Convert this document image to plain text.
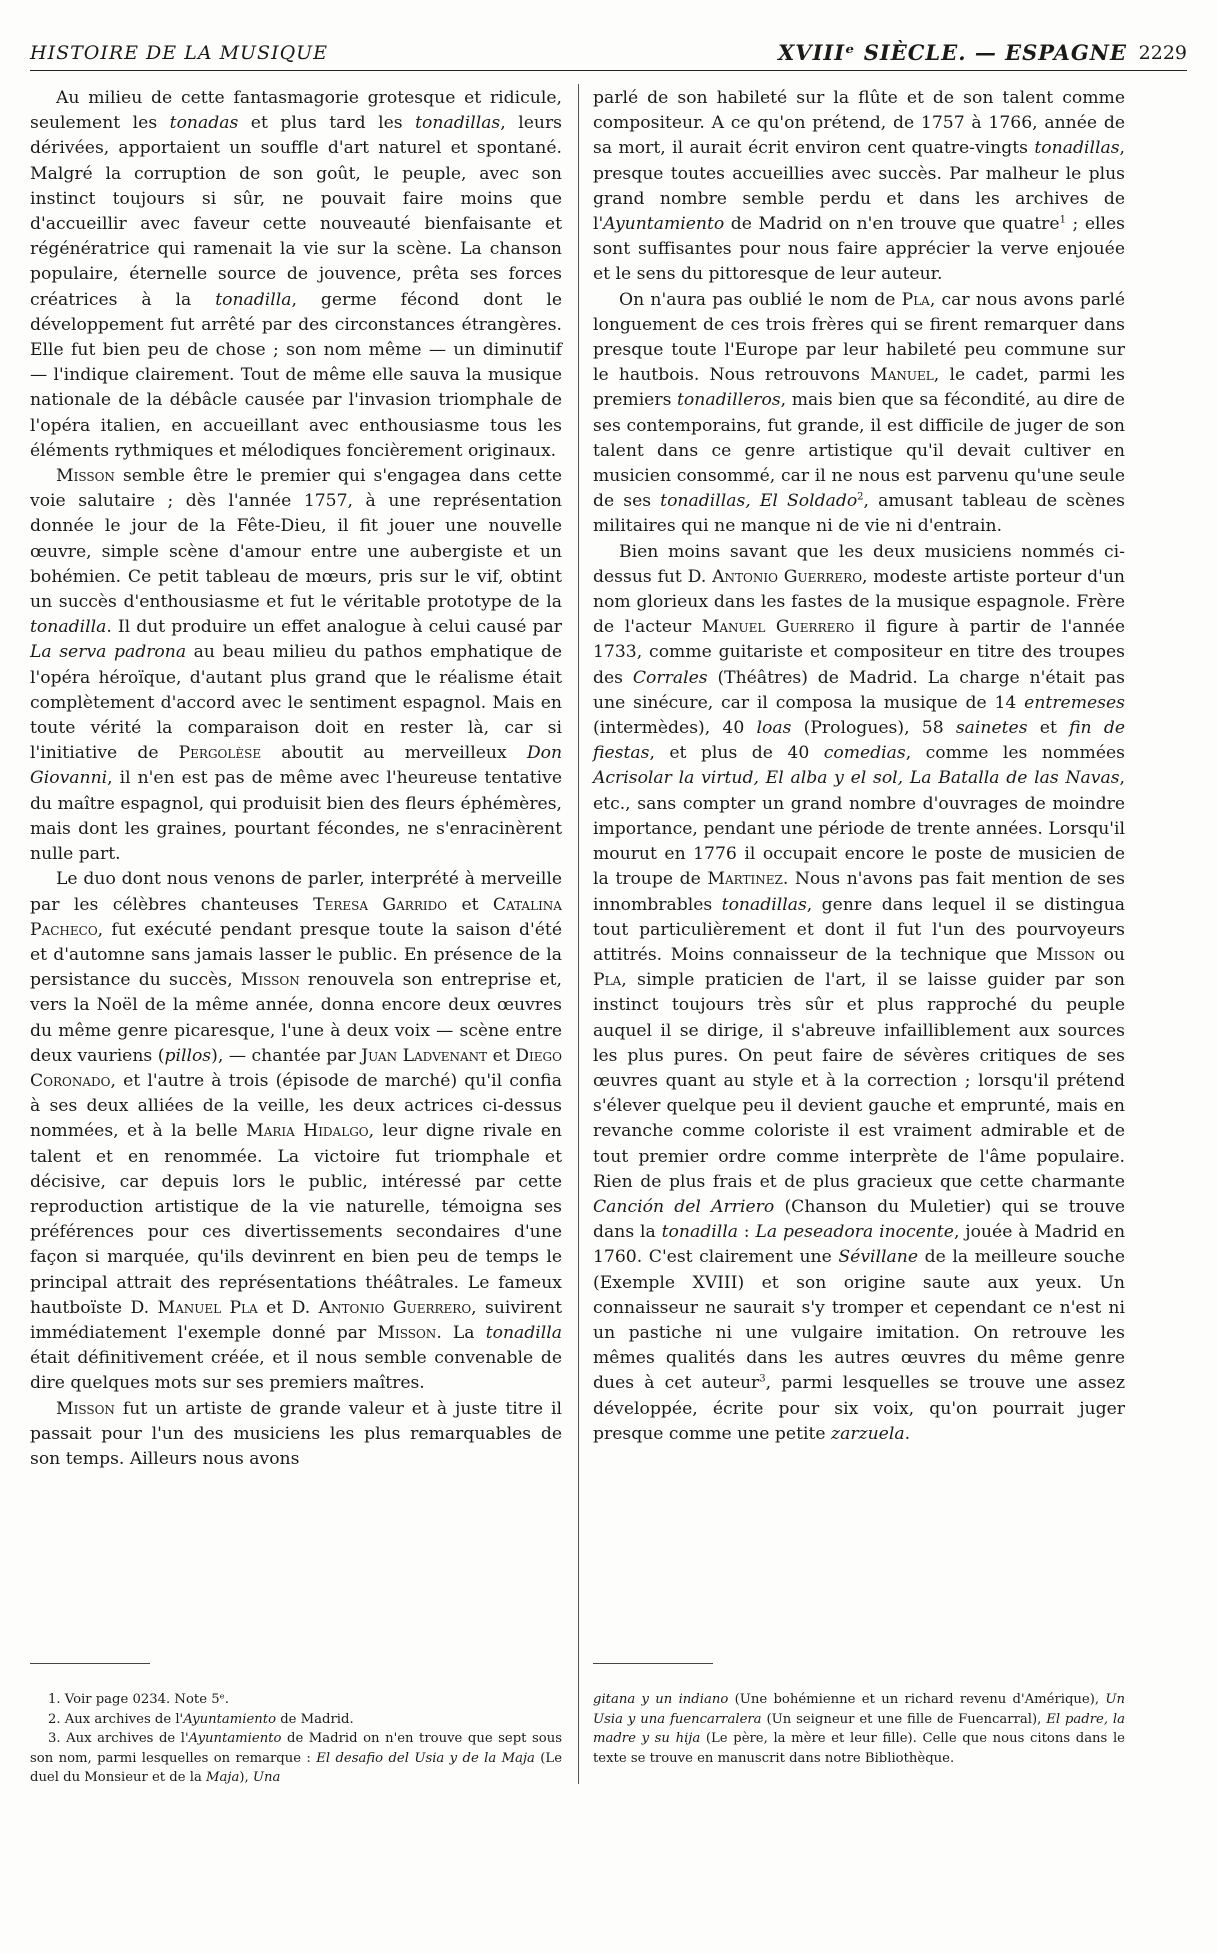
HISTOIRE DE LA MUSIQUE	XVIIIᵉ SIÈCLE. — ESPAGNE 2229

Au milieu de cette fantasmagorie grotesque et ridicule, seulement les tonadas et plus tard les tonadillas, leurs dérivées, apportaient un souffle d'art naturel et spontané. Malgré la corruption de son goût, le peuple, avec son instinct toujours si sûr, ne pouvait faire moins que d'accueillir avec faveur cette nouveauté bienfaisante et régénératrice qui ramenait la vie sur la scène. La chanson populaire, éternelle source de jouvence, prêta ses forces créatrices à la tonadilla, germe fécond dont le développement fut arrêté par des circonstances étrangères. Elle fut bien peu de chose ; son nom même — un diminutif — l'indique clairement. Tout de même elle sauva la musique nationale de la débâcle causée par l'invasion triomphale de l'opéra italien, en accueillant avec enthousiasme tous les éléments rythmiques et mélodiques foncièrement originaux.

Misson semble être le premier qui s'engagea dans cette voie salutaire ; dès l'année 1757, à une représentation donnée le jour de la Fête-Dieu, il fit jouer une nouvelle œuvre, simple scène d'amour entre une aubergiste et un bohémien. Ce petit tableau de mœurs, pris sur le vif, obtint un succès d'enthousiasme et fut le véritable prototype de la tonadilla. Il dut produire un effet analogue à celui causé par La serva padrona au beau milieu du pathos emphatique de l'opéra héroïque, d'autant plus grand que le réalisme était complètement d'accord avec le sentiment espagnol. Mais en toute vérité la comparaison doit en rester là, car si l'initiative de Pergolèse aboutit au merveilleux Don Giovanni, il n'en est pas de même avec l'heureuse tentative du maître espagnol, qui produisit bien des fleurs éphémères, mais dont les graines, pourtant fécondes, ne s'enracinèrent nulle part.

Le duo dont nous venons de parler, interprété à merveille par les célèbres chanteuses Teresa Garrido et Catalina Pacheco, fut exécuté pendant presque toute la saison d'été et d'automne sans jamais lasser le public. En présence de la persistance du succès, Misson renouvela son entreprise et, vers la Noël de la même année, donna encore deux œuvres du même genre picaresque, l'une à deux voix — scène entre deux vauriens (pillos), — chantée par Juan Ladvenant et Diego Coronado, et l'autre à trois (épisode de marché) qu'il confia à ses deux alliées de la veille, les deux actrices ci-dessus nommées, et à la belle Maria Hidalgo, leur digne rivale en talent et en renommée. La victoire fut triomphale et décisive, car depuis lors le public, intéressé par cette reproduction artistique de la vie naturelle, témoigna ses préférences pour ces divertissements secondaires d'une façon si marquée, qu'ils devinrent en bien peu de temps le principal attrait des représentations théâtrales. Le fameux hautboïste D. Manuel Pla et D. Antonio Guerrero, suivirent immédiatement l'exemple donné par Misson. La tonadilla était définitivement créée, et il nous semble convenable de dire quelques mots sur ses premiers maîtres.

Misson fut un artiste de grande valeur et à juste titre il passait pour l'un des musiciens les plus remarquables de son temps. Ailleurs nous avons

parlé de son habileté sur la flûte et de son talent comme compositeur. A ce qu'on prétend, de 1757 à 1766, année de sa mort, il aurait écrit environ cent quatre-vingts tonadillas, presque toutes accueillies avec succès. Par malheur le plus grand nombre semble perdu et dans les archives de l'Ayuntamiento de Madrid on n'en trouve que quatre$^1$ ; elles sont suffisantes pour nous faire apprécier la verve enjouée et le sens du pittoresque de leur auteur.

On n'aura pas oublié le nom de Pla, car nous avons parlé longuement de ces trois frères qui se firent remarquer dans presque toute l'Europe par leur habileté peu commune sur le hautbois. Nous retrouvons Manuel, le cadet, parmi les premiers tonadilleros, mais bien que sa fécondité, au dire de ses contemporains, fut grande, il est difficile de juger de son talent dans ce genre artistique qu'il devait cultiver en musicien consommé, car il ne nous est parvenu qu'une seule de ses tonadillas, El Soldado$^2$, amusant tableau de scènes militaires qui ne manque ni de vie ni d'entrain.

Bien moins savant que les deux musiciens nommés ci-dessus fut D. Antonio Guerrero, modeste artiste porteur d'un nom glorieux dans les fastes de la musique espagnole. Frère de l'acteur Manuel Guerrero il figure à partir de l'année 1733, comme guitariste et compositeur en titre des troupes des Corrales (Théâtres) de Madrid. La charge n'était pas une sinécure, car il composa la musique de 14 entremeses (intermèdes), 40 loas (Prologues), 58 sainetes et fin de fiestas, et plus de 40 comedias, comme les nommées Acrisolar la virtud, El alba y el sol, La Batalla de las Navas, etc., sans compter un grand nombre d'ouvrages de moindre importance, pendant une période de trente années. Lorsqu'il mourut en 1776 il occupait encore le poste de musicien de la troupe de Martinez. Nous n'avons pas fait mention de ses innombrables tonadillas, genre dans lequel il se distingua tout particulièrement et dont il fut l'un des pourvoyeurs attitrés. Moins connaisseur de la technique que Misson ou Pla, simple praticien de l'art, il se laisse guider par son instinct toujours très sûr et plus rapproché du peuple auquel il se dirige, il s'abreuve infailliblement aux sources les plus pures. On peut faire de sévères critiques de ses œuvres quant au style et à la correction ; lorsqu'il prétend s'élever quelque peu il devient gauche et emprunté, mais en revanche comme coloriste il est vraiment admirable et de tout premier ordre comme interprète de l'âme populaire. Rien de plus frais et de plus gracieux que cette charmante Canción del Arriero (Chanson du Muletier) qui se trouve dans la tonadilla : La peseadora inocente, jouée à Madrid en 1760. C'est clairement une Sévillane de la meilleure souche (Exemple XVIII) et son origine saute aux yeux. Un connaisseur ne saurait s'y tromper et cependant ce n'est ni un pastiche ni une vulgaire imitation. On retrouve les mêmes qualités dans les autres œuvres du même genre dues à cet auteur$^3$, parmi lesquelles se trouve une assez développée, écrite pour six voix, qu'on pourrait juger presque comme une petite zarzuela.

1. Voir page 0234. Note 5ᵉ.

2. Aux archives de l'Ayuntamiento de Madrid.

3. Aux archives de l'Ayuntamiento de Madrid on n'en trouve que sept sous son nom, parmi lesquelles on remarque : El desafio del Usia y de la Maja (Le duel du Monsieur et de la Maja), Una

gitana y un indiano (Une bohémienne et un richard revenu d'Amérique), Un Usia y una fuencarralera (Un seigneur et une fille de Fuencarral), El padre, la madre y su hija (Le père, la mère et leur fille). Celle que nous citons dans le texte se trouve en manuscrit dans notre Bibliothèque.
